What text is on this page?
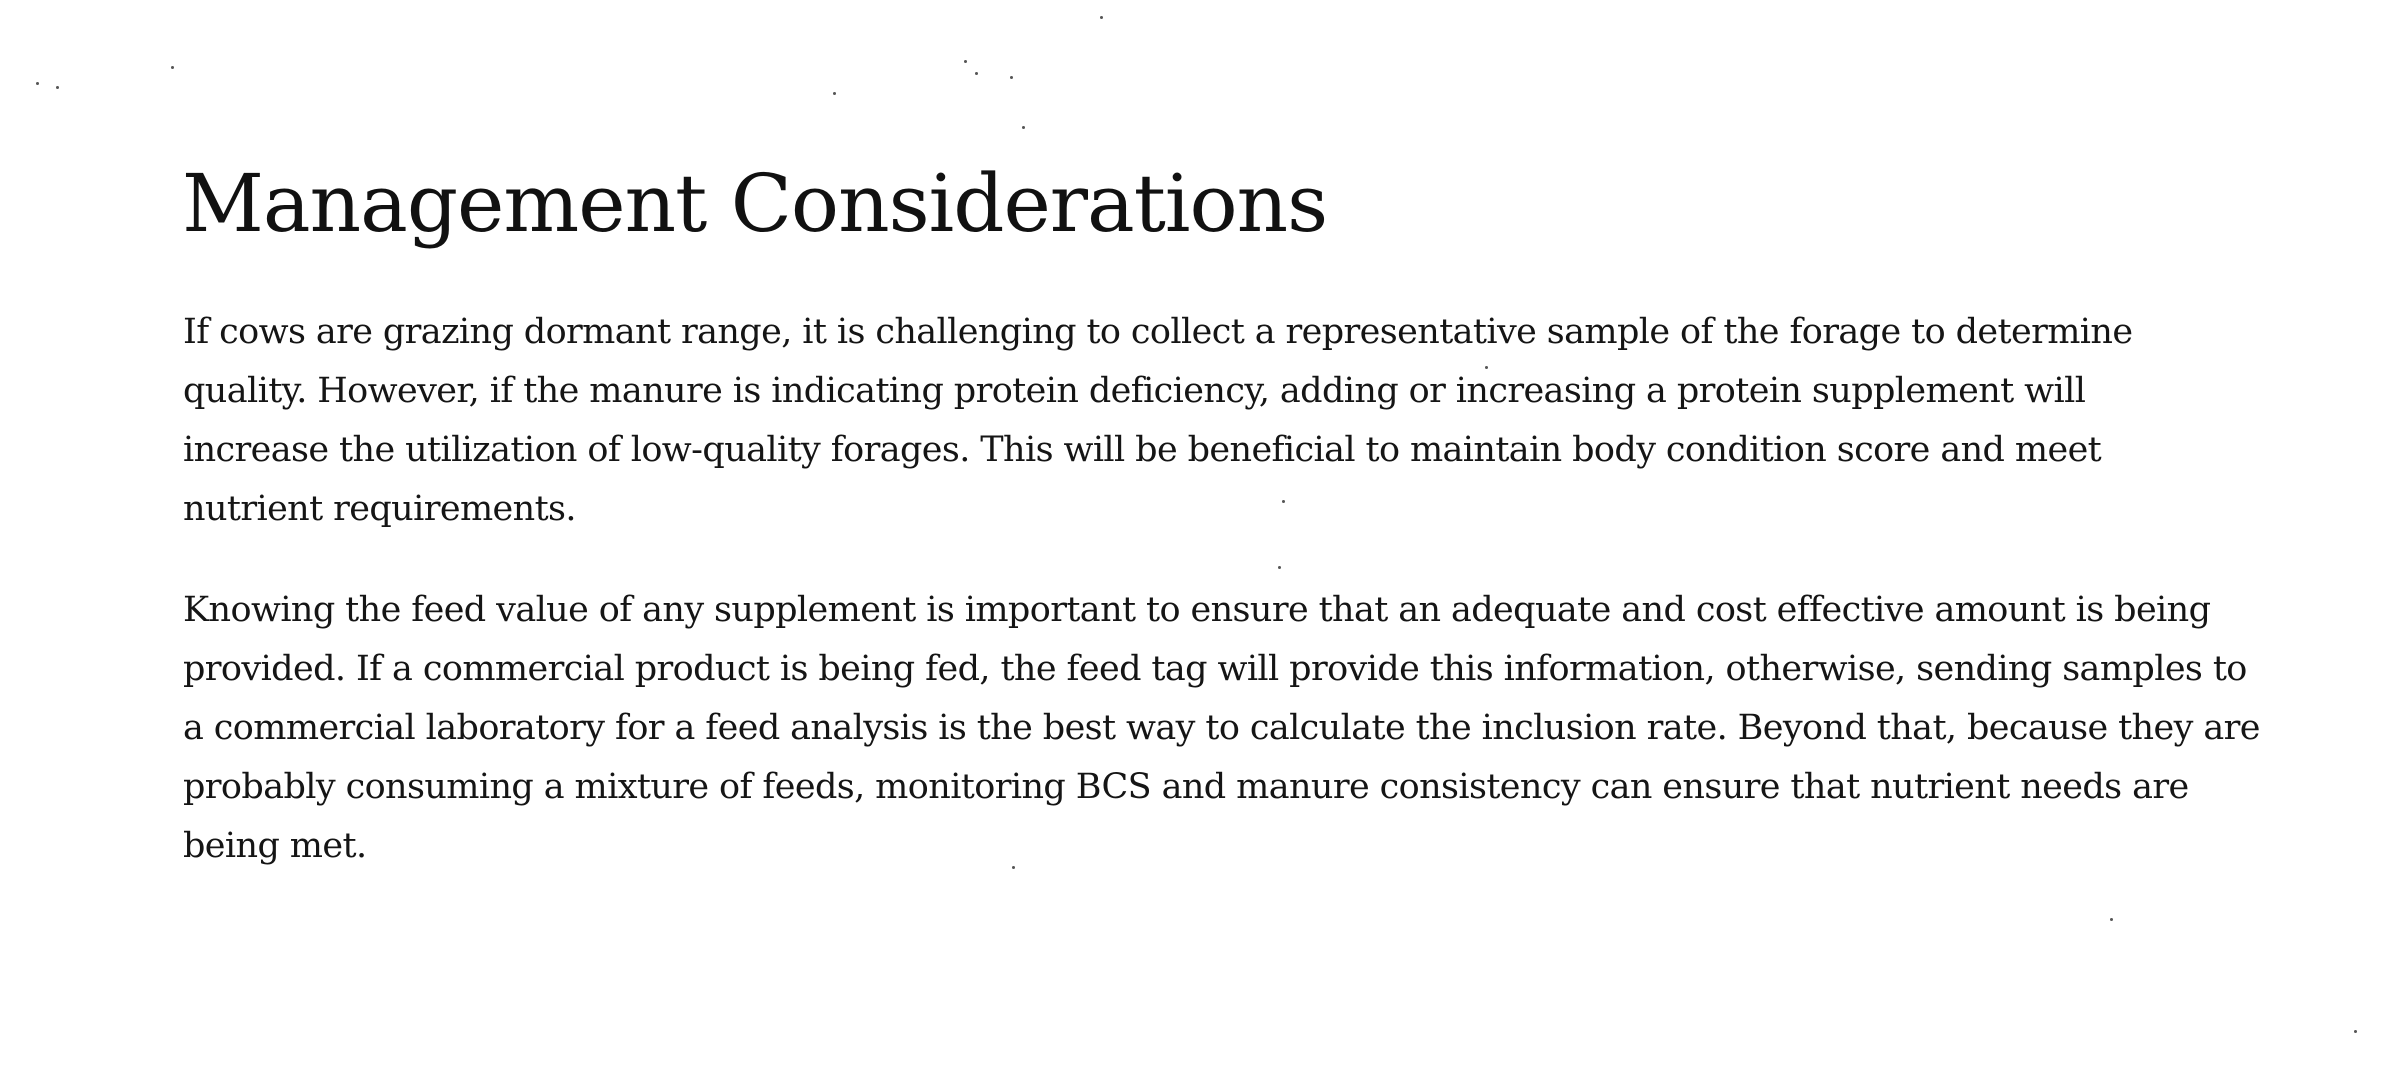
Management Considerations

If cows are grazing dormant range, it is challenging to collect a representative sample of the forage to determine
quality. However, if the manure is indicating protein deficiency, adding or increasing a protein supplement will
increase the utilization of low-quality forages. This will be beneficial to maintain body condition score and meet
nutrient requirements.

Knowing the feed value of any supplement is important to ensure that an adequate and cost effective amount is being
provided. If a commercial product is being fed, the feed tag will provide this information, otherwise, sending samples to
a commercial laboratory for a feed analysis is the best way to calculate the inclusion rate. Beyond that, because they are
probably consuming a mixture of feeds, monitoring BCS and manure consistency can ensure that nutrient needs are
being met.
